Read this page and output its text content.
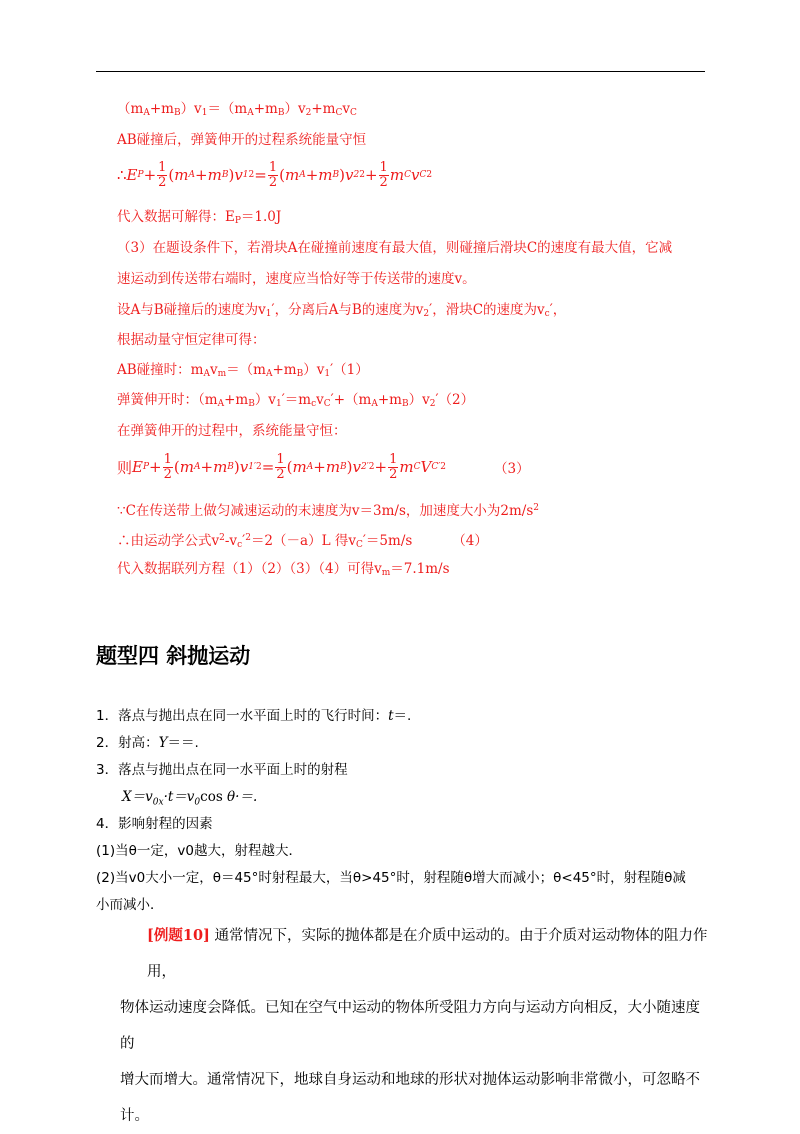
$(m_A+m_B)v_1=(m_A+m_B)v_2+m_Cv_C$
AB碰撞后，弹簧伸开的过程系统能量守恒
∴ E $P + \frac{1}{2}$ ( m A + m B ) v 1 $2 = \frac{1}{2}$ ( m A + m B ) v 2 $2 + \frac{1}{2}$ m C v C 2
代入数据可解得：$E_P=1.0J$
（3）在题设条件下，若滑块A在碰撞前速度有最大值，则碰撞后滑块C的速度有最大值，它减
速运动到传送带右端时，速度应当恰好等于传送带的速度v。
设A与B碰撞后的速度为$v_1'$，分离后A与B的速度为$v_2'$，滑块C的速度为$v_c'$，
根据动量守恒定律可得：
AB碰撞时：$m_Av_m=(m_A+m_B)v_1'(1)$
弹簧伸开时：$(m_A+m_B)v_1'=m_cv_C'+(m_A+m_B)v_2'(2)$
在弹簧伸开的过程中，系统能量守恒：
则 E $P + \frac{1}{2}$ ( m A + m B ) v 1 $'2 = \frac{1}{2}$ ( m A + m B ) v 2 $'2 + \frac{1}{2}$ m C V C ′2	（3）
∵C在传送带上做匀减速运动的末速度为v＝3m/s，加速度大小为$2m/s^2$
∴由运动学公式$v^2-v_c'^2=2(-a)L$ 得$v_C'=5m/s$	（4）
代入数据联列方程（1）（2）（3）（4）可得$v_m=7.1m/s$
题型四 斜抛运动
1．落点与抛出点在同一水平面上时的飞行时间：t＝.
2．射高：Y＝＝.
3．落点与抛出点在同一水平面上时的射程
$X=v_{0x}\cdot t=v_0\cos$ θ·＝.
4．影响射程的因素
(1)当θ一定，v0越大，射程越大．
(2)当v0大小一定，θ＝45°时射程最大，当θ>45°时，射程随θ增大而减小；θ<45°时，射程随θ减
小而减小．
[例题10] 通常情况下，实际的抛体都是在介质中运动的。由于介质对运动物体的阻力作用，
物体运动速度会降低。已知在空气中运动的物体所受阻力方向与运动方向相反，大小随速度的
增大而增大。通常情况下，地球自身运动和地球的形状对抛体运动影响非常微小，可忽略不计。
